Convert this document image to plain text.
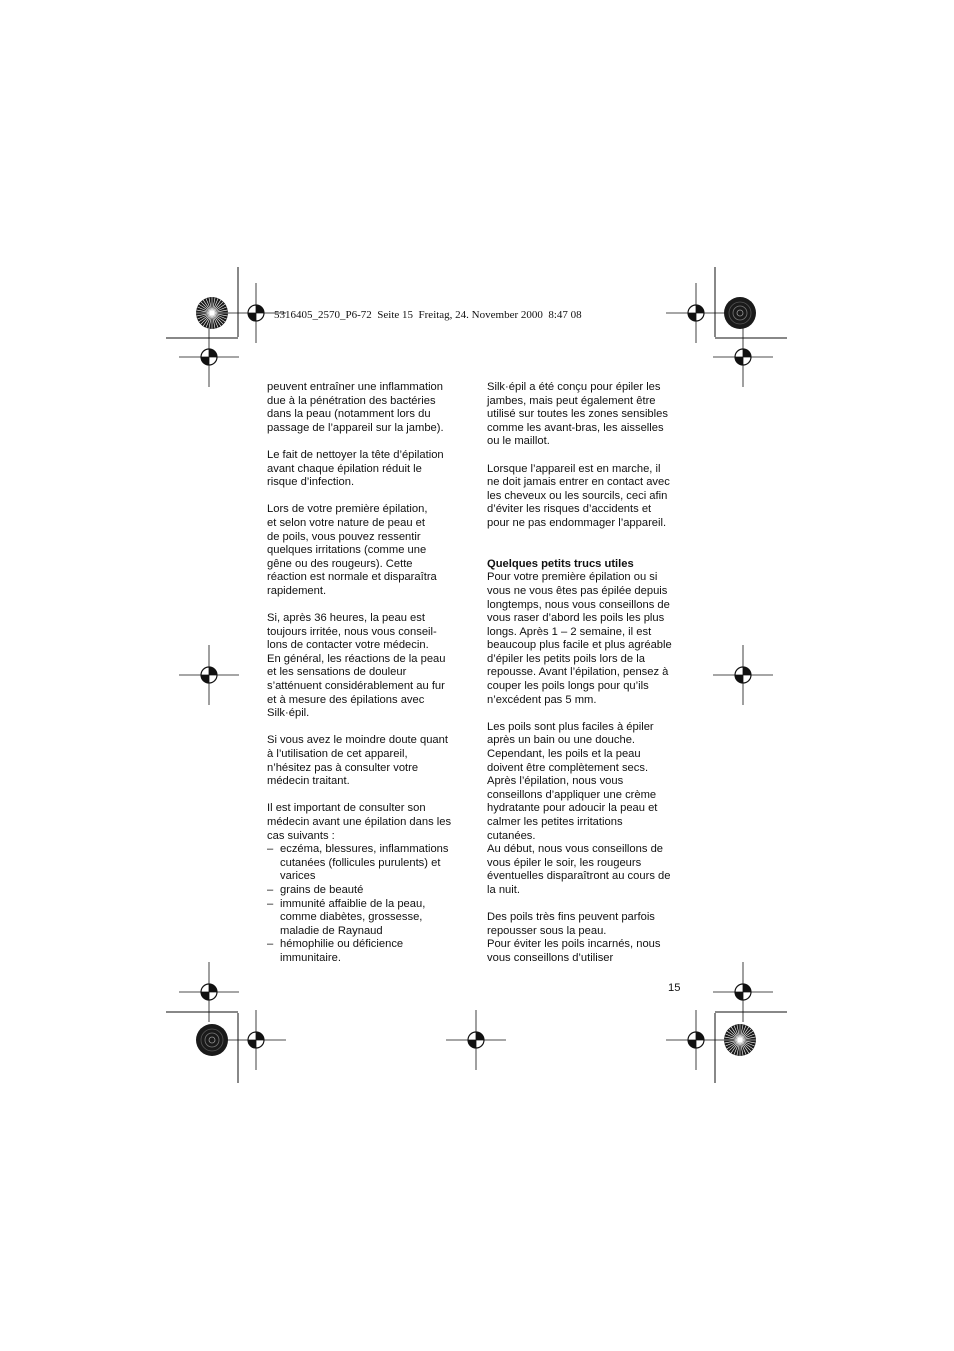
5316405_2570_P6-72  Seite 15  Freitag, 24. November 2000  8:47 08

peuvent entraîner une inflammation
due à la pénétration des bactéries
dans la peau (notamment lors du
passage de l’appareil sur la jambe).

Le fait de nettoyer la tête d’épilation
avant chaque épilation réduit le
risque d’infection.

Lors de votre première épilation,
et selon votre nature de peau et
de poils, vous pouvez ressentir
quelques irritations (comme une
gêne ou des rougeurs). Cette
réaction est normale et disparaîtra
rapidement.

Si, après 36 heures, la peau est
toujours irritée, nous vous conseil-
lons de contacter votre médecin.
En général, les réactions de la peau
et les sensations de douleur
s’atténuent considérablement au fur
et à mesure des épilations avec
Silk·épil.

Si vous avez le moindre doute quant
à l’utilisation de cet appareil,
n’hésitez pas à consulter votre
médecin traitant.

Il est important de consulter son
médecin avant une épilation dans les
cas suivants :

– eczéma, blessures, inflammations
cutanées (follicules purulents) et
varices
– grains de beauté
– immunité affaiblie de la peau,
comme diabètes, grossesse,
maladie de Raynaud
– hémophilie ou déficience
immunitaire.

Silk·épil a été conçu pour épiler les
jambes, mais peut également être
utilisé sur toutes les zones sensibles
comme les avant-bras, les aisselles
ou le maillot.

Lorsque l’appareil est en marche, il
ne doit jamais entrer en contact avec
les cheveux ou les sourcils, ceci afin
d’éviter les risques d’accidents et
pour ne pas endommager l’appareil.

Quelques petits trucs utiles

Pour votre première épilation ou si
vous ne vous êtes pas épilée depuis
longtemps, nous vous conseillons de
vous raser d’abord les poils les plus
longs. Après 1 – 2 semaine, il est
beaucoup plus facile et plus agréable
d’épiler les petits poils lors de la
repousse. Avant l’épilation, pensez à
couper les poils longs pour qu’ils
n’excédent pas 5 mm.

Les poils sont plus faciles à épiler
après un bain ou une douche.
Cependant, les poils et la peau
doivent être complètement secs.
Après l’épilation, nous vous
conseillons d’appliquer une crème
hydratante pour adoucir la peau et
calmer les petites irritations
cutanées.
Au début, nous vous conseillons de
vous épiler le soir, les rougeurs
éventuelles disparaîtront au cours de
la nuit.

Des poils très fins peuvent parfois
repousser sous la peau.
Pour éviter les poils incarnés, nous
vous conseillons d’utiliser

15
